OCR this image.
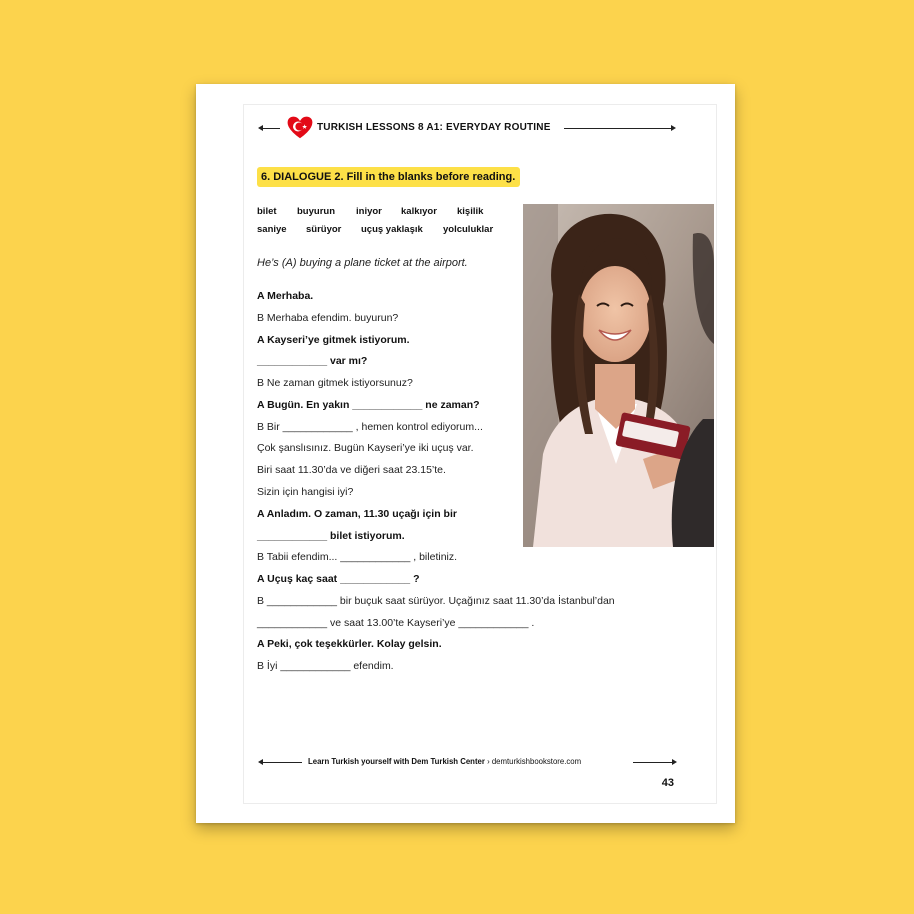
TURKISH LESSONS 8 A1: EVERYDAY ROUTINE
6. DIALOGUE 2. Fill in the blanks before reading.
bilet buyurun iniyor kalkıyor kişilik
saniye sürüyor uçuş yaklaşık yolculuklar
He’s (A) buying a plane ticket at the airport.
A Merhaba.
B Merhaba efendim. buyurun?
A Kayseri’ye gitmek istiyorum.
____________ var mı?
B Ne zaman gitmek istiyorsunuz?
A Bugün. En yakın ____________ ne zaman?
B Bir ____________ , hemen kontrol ediyorum...
Çok şanslısınız. Bugün Kayseri’ye iki uçuş var.
Biri saat 11.30’da ve diğeri saat 23.15’te.
Sizin için hangisi iyi?
A Anladım. O zaman, 11.30 uçağı için bir
____________ bilet istiyorum.
B Tabii efendim... ____________ , biletiniz.
A Uçuş kaç saat ____________ ?
B ____________ bir buçuk saat sürüyor. Uçağınız saat 11.30’da İstanbul’dan
____________ ve saat 13.00’te Kayseri’ye ____________ .
A Peki, çok teşekkürler. Kolay gelsin.
B İyi ____________ efendim.
Learn Turkish yourself with Dem Turkish Center › demturkishbookstore.com
43
